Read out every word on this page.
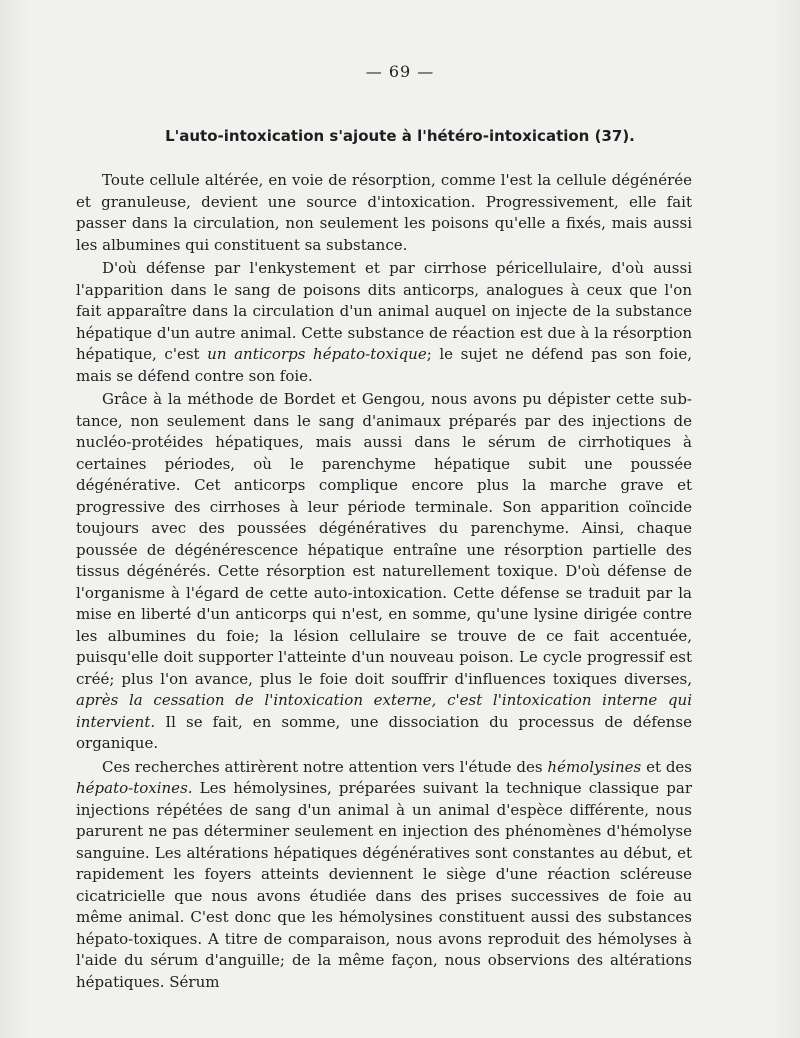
— 69 —
L'auto-intoxication s'ajoute à l'hétéro-intoxication (37).

Toute cellule altérée, en voie de résorption, comme l'est la cellule dégénérée et granuleuse, devient une source d'intoxication. Progressivement, elle fait passer dans la circulation, non seulement les poisons qu'elle a fixés, mais aussi les albumines qui constituent sa substance.

D'où défense par l'enkystement et par cirrhose péricellulaire, d'où aussi l'apparition dans le sang de poisons dits anticorps, analogues à ceux que l'on fait apparaître dans la circulation d'un animal auquel on injecte de la substance hépatique d'un autre animal. Cette substance de réaction est due à la résorption hépatique, c'est un anticorps hépato-toxique; le sujet ne défend pas son foie, mais se défend contre son foie.

Grâce à la méthode de Bordet et Gengou, nous avons pu dépister cette subtance, non seulement dans le sang d'animaux préparés par des injections de nucléo-protéides hépatiques, mais aussi dans le sérum de cirrhotiques à certaines périodes, où le parenchyme hépatique subit une poussée dégénérative. Cet anticorps complique encore plus la marche grave et progressive des cirrhoses à leur période terminale. Son apparition coïncide toujours avec des poussées dégénératives du parenchyme. Ainsi, chaque poussée de dégénérescence hépatique entraîne une résorption partielle des tissus dégénérés. Cette résorption est naturellement toxique. D'où défense de l'organisme à l'égard de cette auto-intoxication. Cette défense se traduit par la mise en liberté d'un anticorps qui n'est, en somme, qu'une lysine dirigée contre les albumines du foie; la lésion cellulaire se trouve de ce fait accentuée, puisqu'elle doit supporter l'atteinte d'un nouveau poison. Le cycle progressif est créé; plus l'on avance, plus le foie doit souffrir d'influences toxiques diverses, après la cessation de l'intoxication externe, c'est l'intoxication interne qui intervient. Il se fait, en somme, une dissociation du processus de défense organique.

Ces recherches attirèrent notre attention vers l'étude des hémolysines et des hépato-toxines. Les hémolysines, préparées suivant la technique classique par injections répétées de sang d'un animal à un animal d'espèce différente, nous parurent ne pas déterminer seulement en injection des phénomènes d'hémolyse sanguine. Les altérations hépatiques dégénératives sont constantes au début, et rapidement les foyers atteints deviennent le siège d'une réaction scléreuse cicatricielle que nous avons étudiée dans des prises successives de foie au même animal. C'est donc que les hémolysines constituent aussi des substances hépato-toxiques. A titre de comparaison, nous avons reproduit des hémolyses à l'aide du sérum d'anguille; de la même façon, nous observions des altérations hépatiques. Sérum
